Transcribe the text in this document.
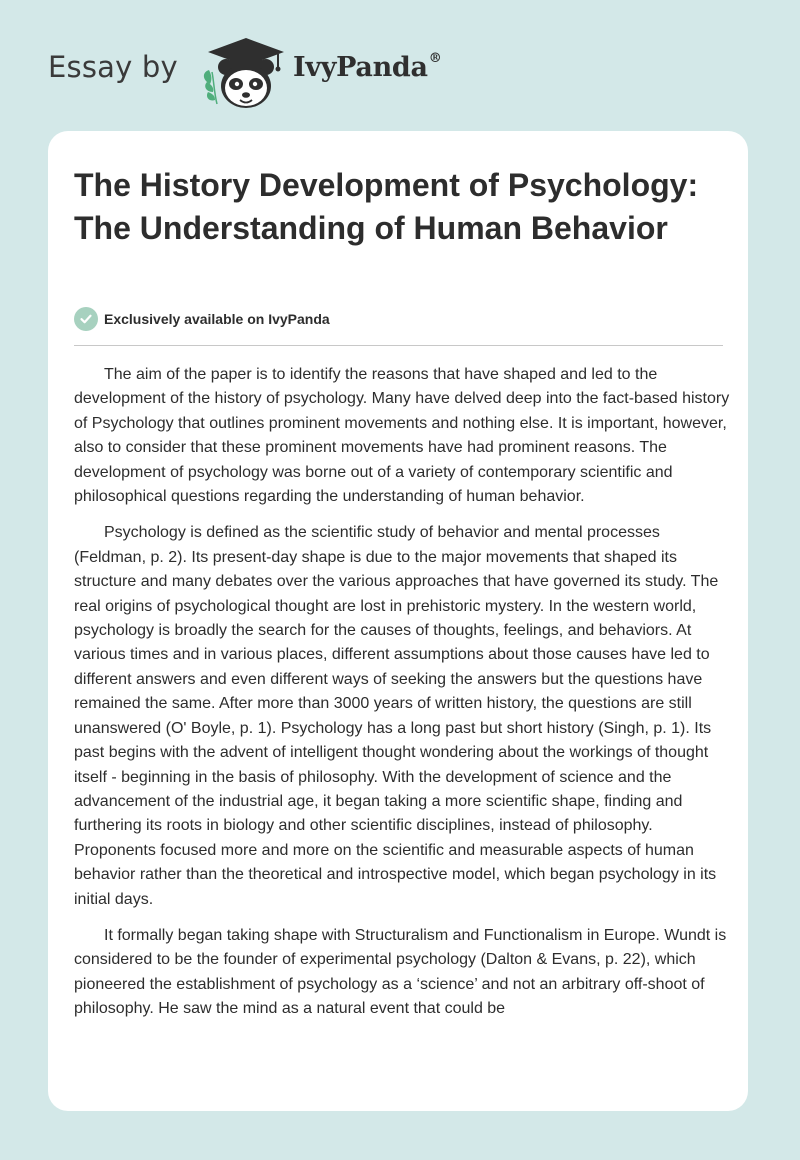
Essay by	IvyPanda®
The History Development of Psychology: The Understanding of Human Behavior
Exclusively available on IvyPanda

The aim of the paper is to identify the reasons that have shaped and led to the development of the history of psychology. Many have delved deep into the fact-based history of Psychology that outlines prominent movements and nothing else. It is important, however, also to consider that these prominent movements have had prominent reasons. The development of psychology was borne out of a variety of contemporary scientific and philosophical questions regarding the understanding of human behavior.

Psychology is defined as the scientific study of behavior and mental processes (Feldman, p. 2). Its present-day shape is due to the major movements that shaped its structure and many debates over the various approaches that have governed its study. The real origins of psychological thought are lost in prehistoric mystery. In the western world, psychology is broadly the search for the causes of thoughts, feelings, and behaviors. At various times and in various places, different assumptions about those causes have led to different answers and even different ways of seeking the answers but the questions have remained the same. After more than 3000 years of written history, the questions are still unanswered (O' Boyle, p. 1). Psychology has a long past but short history (Singh, p. 1). Its past begins with the advent of intelligent thought wondering about the workings of thought itself - beginning in the basis of philosophy. With the development of science and the advancement of the industrial age, it began taking a more scientific shape, finding and furthering its roots in biology and other scientific disciplines, instead of philosophy. Proponents focused more and more on the scientific and measurable aspects of human behavior rather than the theoretical and introspective model, which began psychology in its initial days.

It formally began taking shape with Structuralism and Functionalism in Europe. Wundt is considered to be the founder of experimental psychology (Dalton & Evans, p. 22), which pioneered the establishment of psychology as a ‘science’ and not an arbitrary off-shoot of philosophy. He saw the mind as a natural event that could be
